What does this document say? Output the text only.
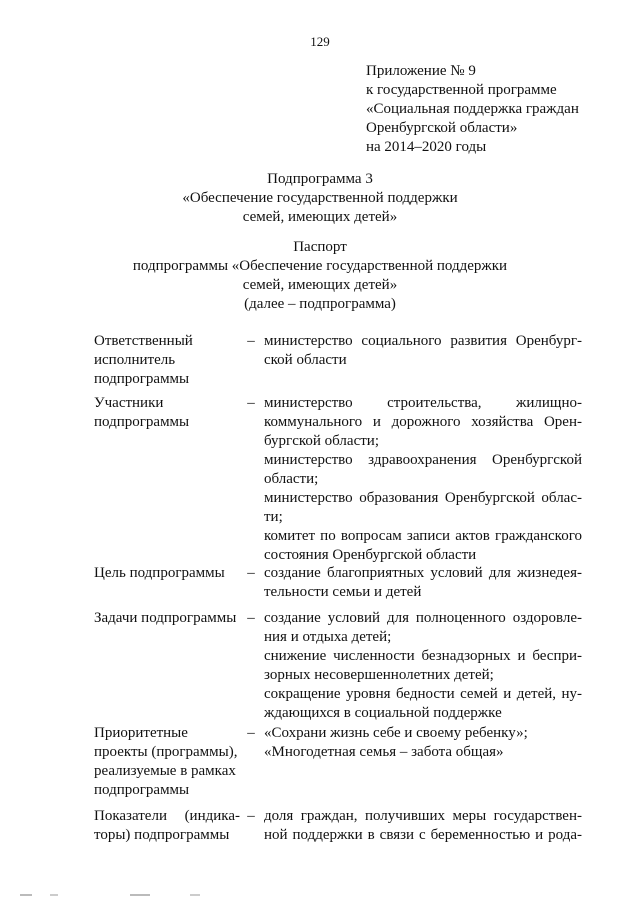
129
Приложение № 9
к государственной программе
«Социальная поддержка граждан
Оренбургской области»
на 2014–2020 годы
Подпрограмма 3
«Обеспечение государственной поддержки
семей, имеющих детей»
Паспорт
подпрограммы «Обеспечение государственной поддержки
семей, имеющих детей»
(далее – подпрограмма)
Ответственный
исполнитель
подпрограммы
– министерство социального развития Оренбург-
ской области
Участники
подпрограммы
– министерство строительства, жилищно-
коммунального и дорожного хозяйства Орен-
бургской области;
министерство здравоохранения Оренбургской
области;
министерство образования Оренбургской облас-
ти;
комитет по вопросам записи актов гражданского
состояния Оренбургской области
Цель подпрограммы	– создание благоприятных условий для жизнедея-
тельности семьи и детей
Задачи подпрограммы – создание условий для полноценного оздоровле-
ния и отдыха детей;
снижение численности безнадзорных и беспри-
зорных несовершеннолетних детей;
сокращение уровня бедности семей и детей, ну-
ждающихся в социальной поддержке
Приоритетные
проекты (программы),
реализуемые в рамках
подпрограммы
– «Сохрани жизнь себе и своему ребенку»;
«Многодетная семья – забота общая»
Показатели (индика-
торы) подпрограммы
– доля граждан, получивших меры государствен-
ной поддержки в связи с беременностью и рода-
